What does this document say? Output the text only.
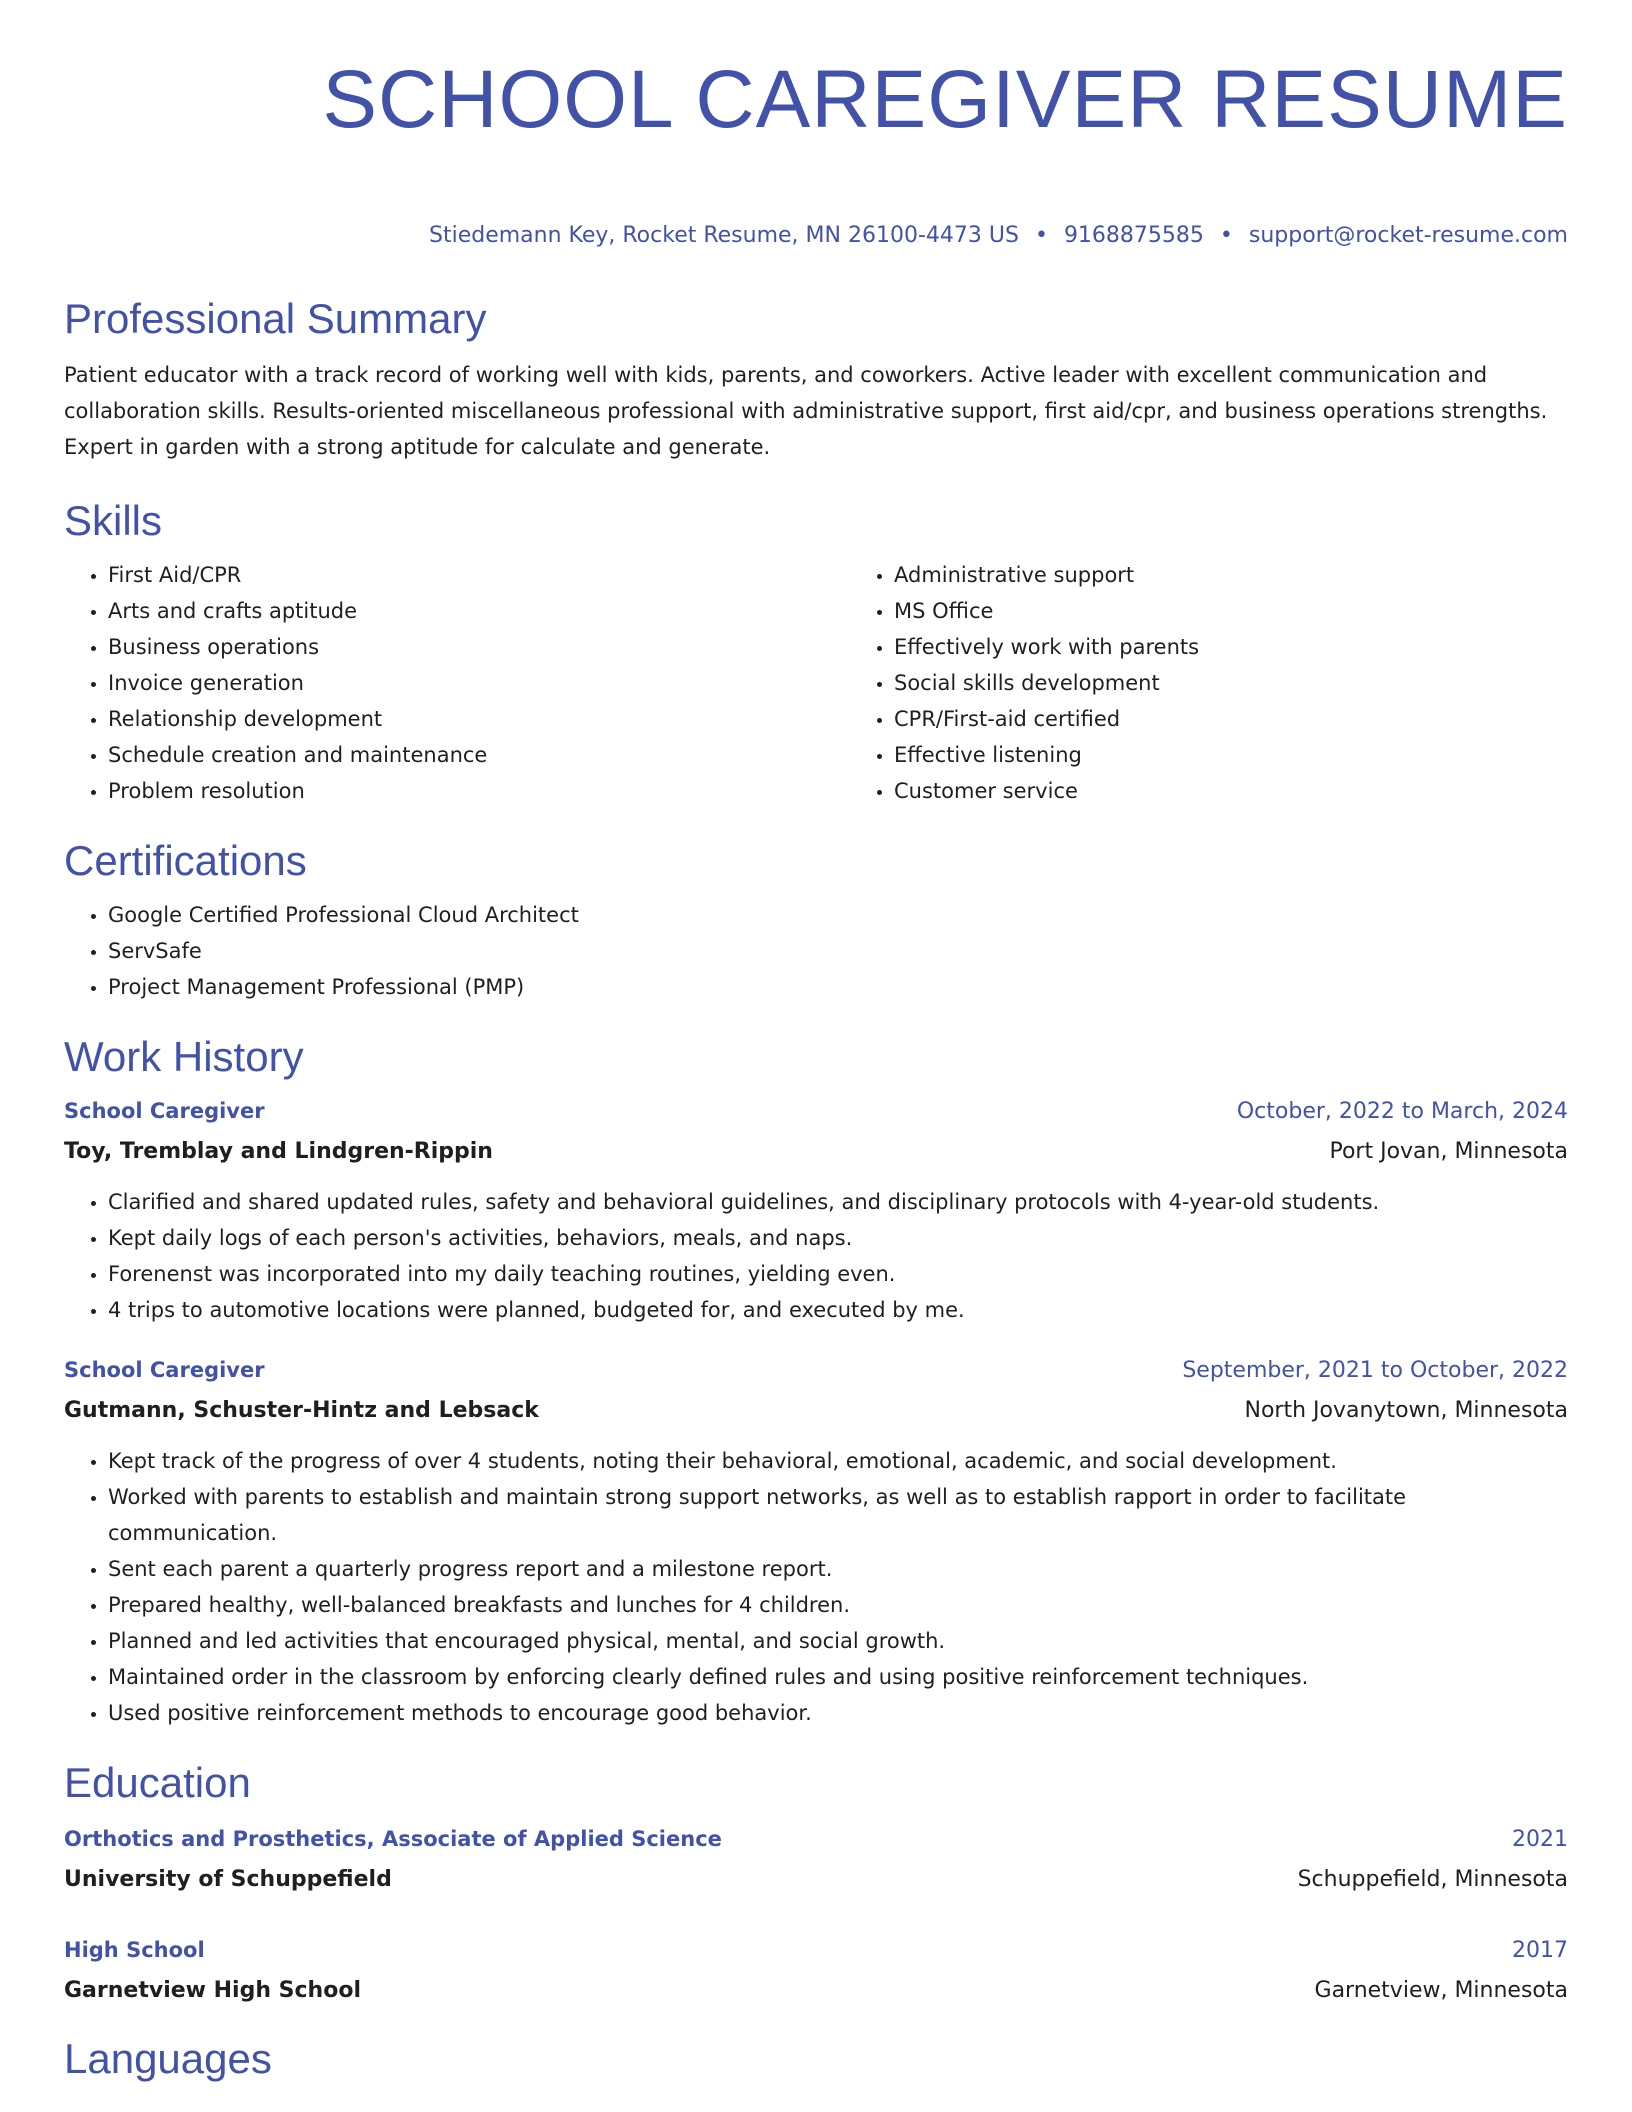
SCHOOL CAREGIVER RESUME
Stiedemann Key, Rocket Resume, MN 26100-4473 US • 9168875585 • support@rocket-resume.com
Professional Summary

Patient educator with a track record of working well with kids, parents, and coworkers. Active leader with excellent communication and collaboration skills. Results-oriented miscellaneous professional with administrative support, first aid/cpr, and business operations strengths. Expert in garden with a strong aptitude for calculate and generate.

Skills
• First Aid/CPR
• Arts and crafts aptitude
• Business operations
• Invoice generation
• Relationship development
• Schedule creation and maintenance
• Problem resolution
• Administrative support
• MS Office
• Effectively work with parents
• Social skills development
• CPR/First-aid certified
• Effective listening
• Customer service
Certifications
• Google Certified Professional Cloud Architect
• ServSafe
• Project Management Professional (PMP)
Work History
School Caregiver	October, 2022 to March, 2024
Toy, Tremblay and Lindgren-Rippin	Port Jovan, Minnesota
• Clarified and shared updated rules, safety and behavioral guidelines, and disciplinary protocols with 4-year-old students.
• Kept daily logs of each person's activities, behaviors, meals, and naps.
• Forenenst was incorporated into my daily teaching routines, yielding even.
• 4 trips to automotive locations were planned, budgeted for, and executed by me.
School Caregiver	September, 2021 to October, 2022
Gutmann, Schuster-Hintz and Lebsack	North Jovanytown, Minnesota
• Kept track of the progress of over 4 students, noting their behavioral, emotional, academic, and social development.
• Worked with parents to establish and maintain strong support networks, as well as to establish rapport in order to facilitate communication.
• Sent each parent a quarterly progress report and a milestone report.
• Prepared healthy, well-balanced breakfasts and lunches for 4 children.
• Planned and led activities that encouraged physical, mental, and social growth.
• Maintained order in the classroom by enforcing clearly defined rules and using positive reinforcement techniques.
• Used positive reinforcement methods to encourage good behavior.
Education
Orthotics and Prosthetics, Associate of Applied Science	2021
University of Schuppefield	Schuppefield, Minnesota
High School	2017
Garnetview High School	Garnetview, Minnesota
Languages
